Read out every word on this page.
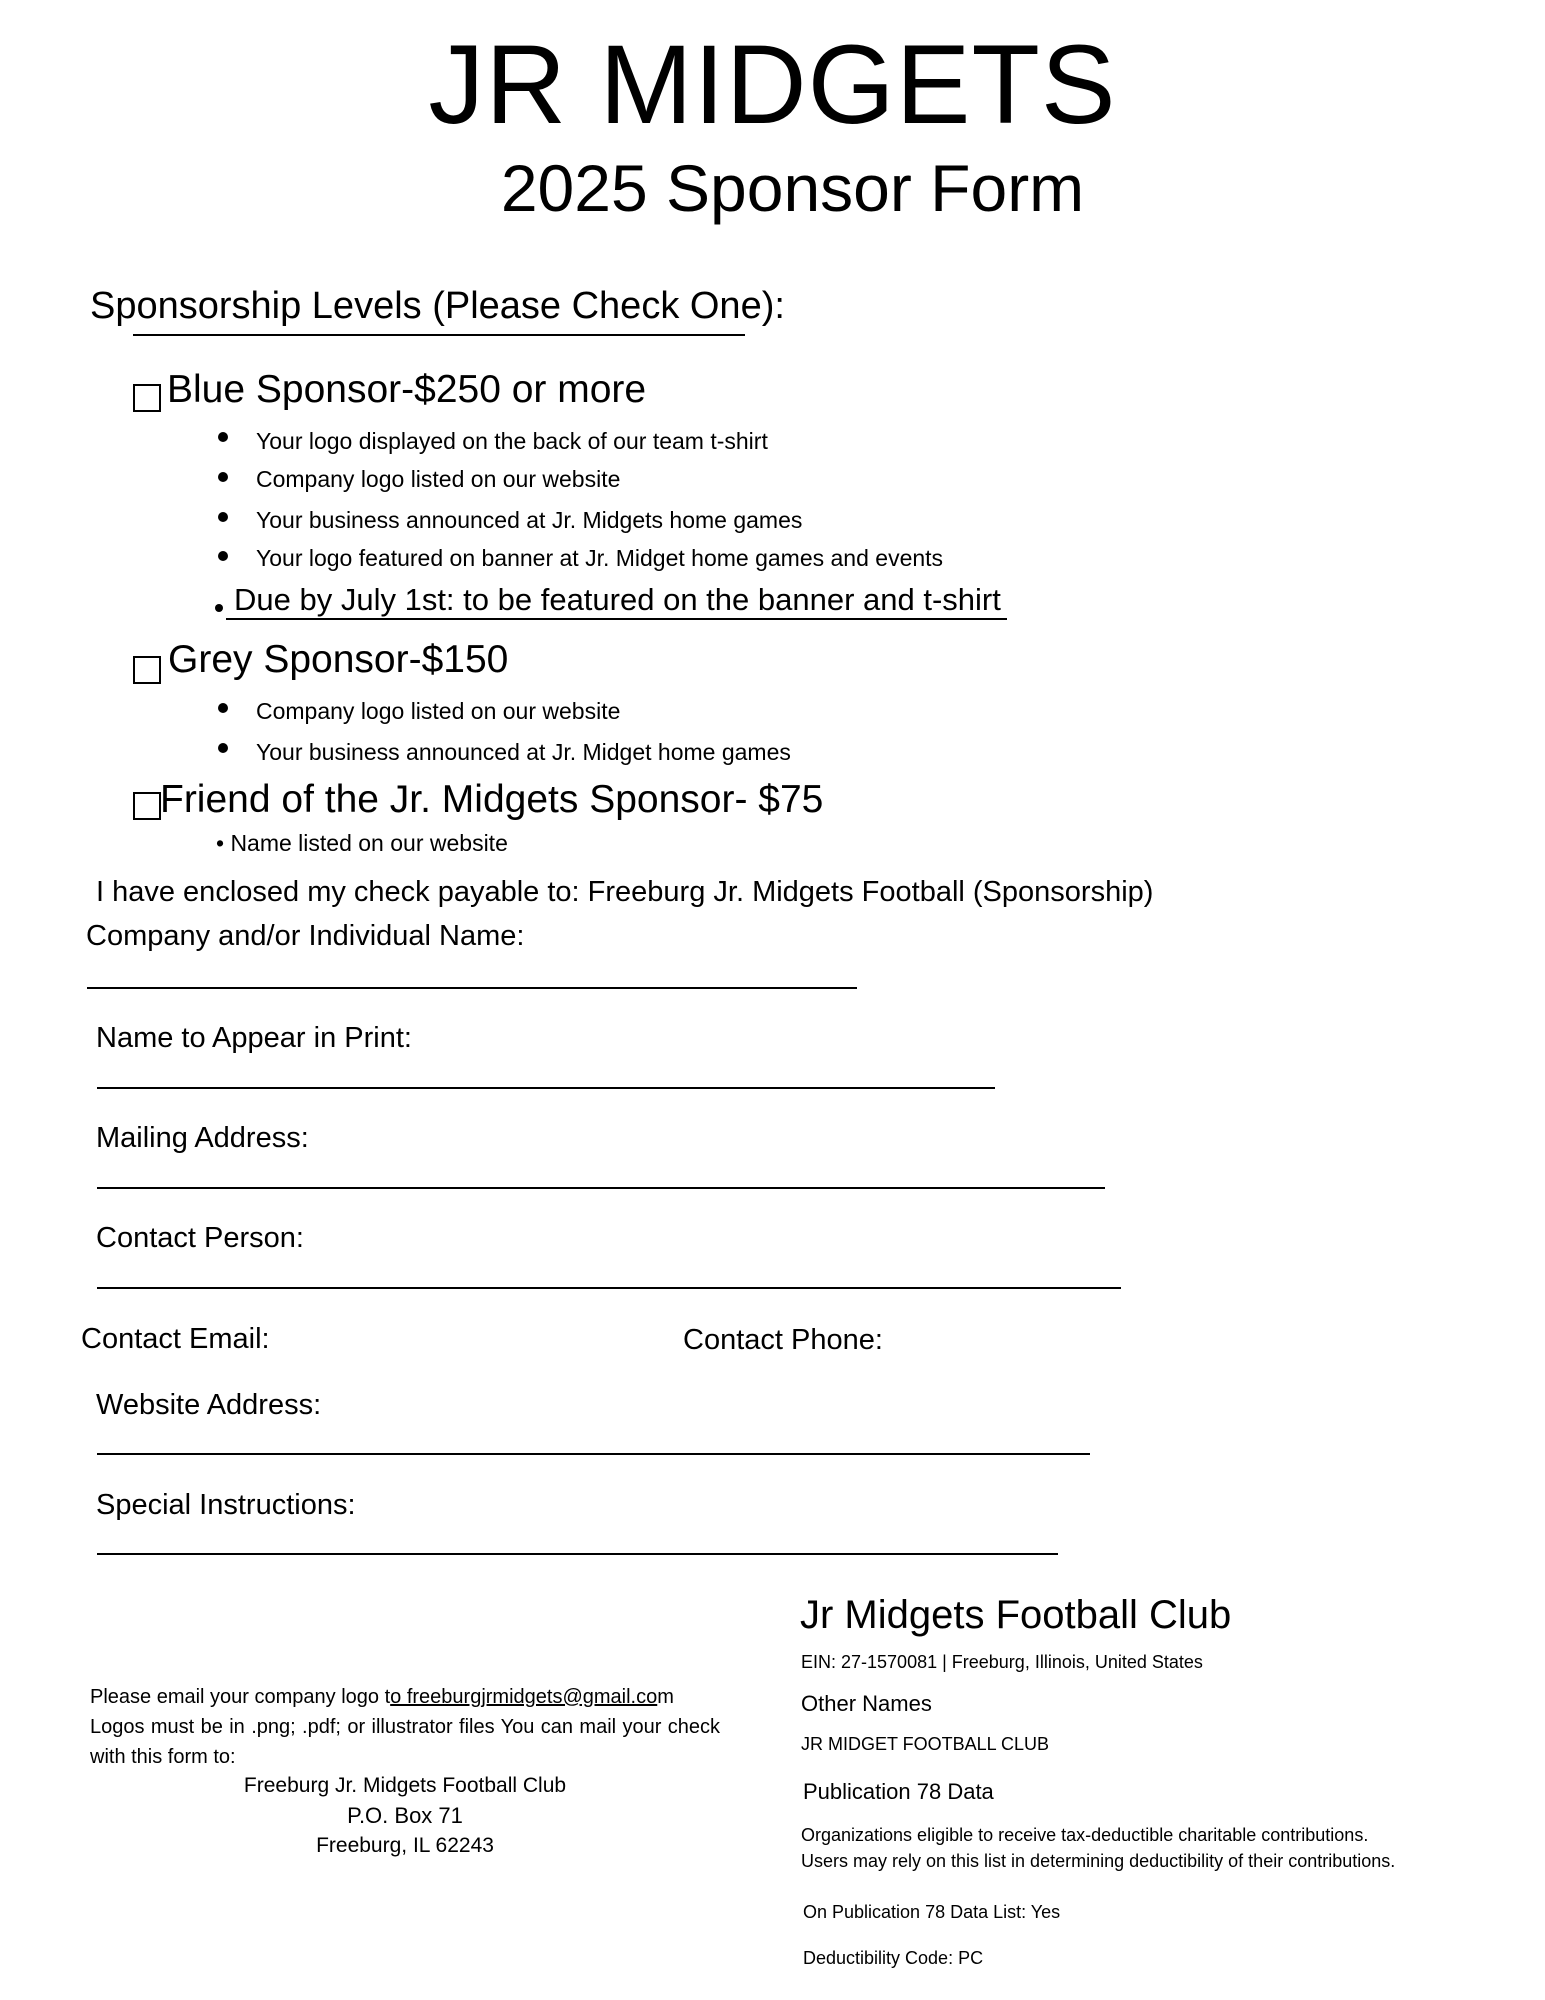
JR MIDGETS
2025 Sponsor Form
Sponsorship Levels (Please Check One):
Blue Sponsor-$250 or more
Your logo displayed on the back of our team t-shirt
Company logo listed on our website
Your business announced at Jr. Midgets home games
Your logo featured on banner at Jr. Midget home games and events
Due by July 1st: to be featured on the banner and t-shirt
Grey Sponsor-$150
Company logo listed on our website
Your business announced at Jr. Midget home games
Friend of the Jr. Midgets Sponsor- $75
• Name listed on our website
I have enclosed my check payable to: Freeburg Jr. Midgets Football (Sponsorship)
Company and/or Individual Name:
Name to Appear in Print:
Mailing Address:
Contact Person:
Contact Email:	Contact Phone:
Website Address:
Special Instructions:
Please email your company logo to freeburgjrmidgets@gmail.com
Logos must be in .png; .pdf; or illustrator files You can mail your check with this form to:
Freeburg Jr. Midgets Football Club
P.O. Box 71
Freeburg, IL 62243
Jr Midgets Football Club
EIN: 27-1570081 | Freeburg, Illinois, United States
Other Names
JR MIDGET FOOTBALL CLUB
Publication 78 Data
Organizations eligible to receive tax-deductible charitable contributions.
Users may rely on this list in determining deductibility of their contributions.
On Publication 78 Data List: Yes
Deductibility Code: PC
